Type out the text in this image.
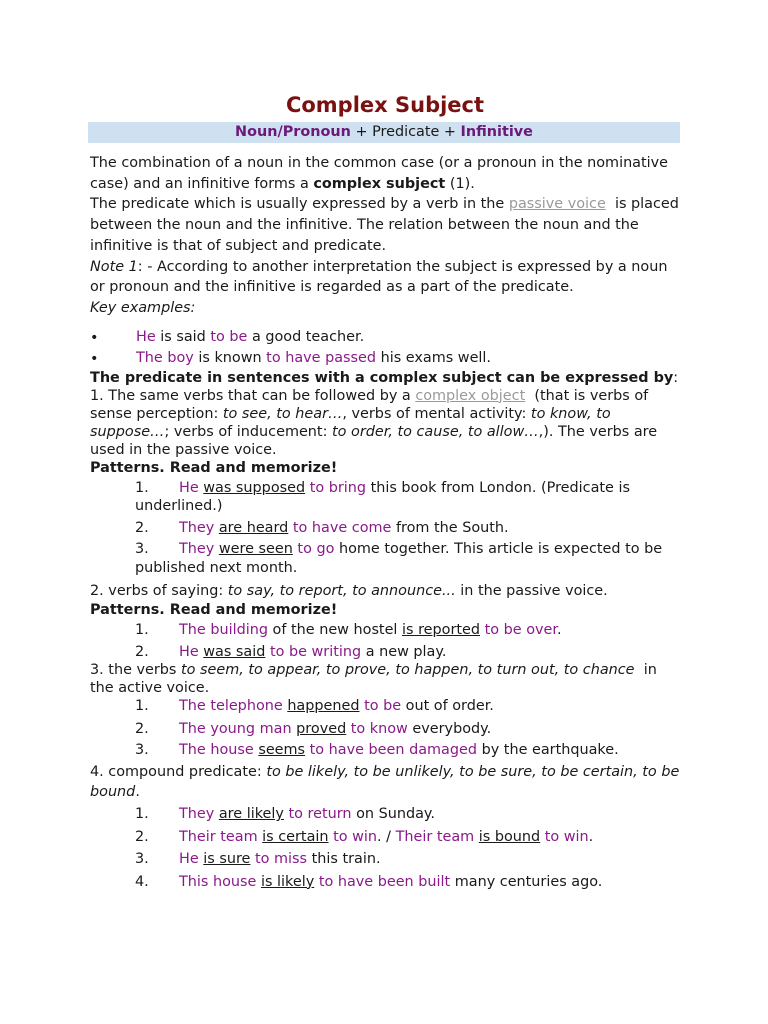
Complex Subject
Noun/Pronoun + Predicate + Infinitive

The combination of a noun in the common case (or a pronoun in the nominative case) and an infinitive forms a complex subject (1).

The predicate which is usually expressed by a verb in the passive voice  is placed between the noun and the infinitive. The relation between the noun and the infinitive is that of subject and predicate.

Note 1: - According to another interpretation the subject is expressed by a noun or pronoun and the infinitive is regarded as a part of the predicate.

Key examples:

• He is said to be a good teacher.
• The boy is known to have passed his exams well.

The predicate in sentences with a complex subject can be expressed by:

1. The same verbs that can be followed by a complex object  (that is verbs of sense perception: to see, to hear…, verbs of mental activity: to know, to suppose…; verbs of inducement: to order, to cause, to allow…,). The verbs are used in the passive voice.

Patterns. Read and memorize!

1. He was supposed to bring this book from London. (Predicate is underlined.)

2. They are heard to have come from the South.

3. They were seen to go home together. This article is expected to be published next month.

2. verbs of saying: to say, to report, to announce... in the passive voice.

Patterns. Read and memorize!

1. The building of the new hostel is reported to be over.

2. He was said to be writing a new play.

3. the verbs to seem, to appear, to prove, to happen, to turn out, to chance  in the active voice.

1. The telephone happened to be out of order.

2. The young man proved to know everybody.

3. The house seems to have been damaged by the earthquake.

4. compound predicate: to be likely, to be unlikely, to be sure, to be certain, to be bound.

1. They are likely to return on Sunday.

2. Their team is certain to win. / Their team is bound to win.

3. He is sure to miss this train.

4. This house is likely to have been built many centuries ago.
